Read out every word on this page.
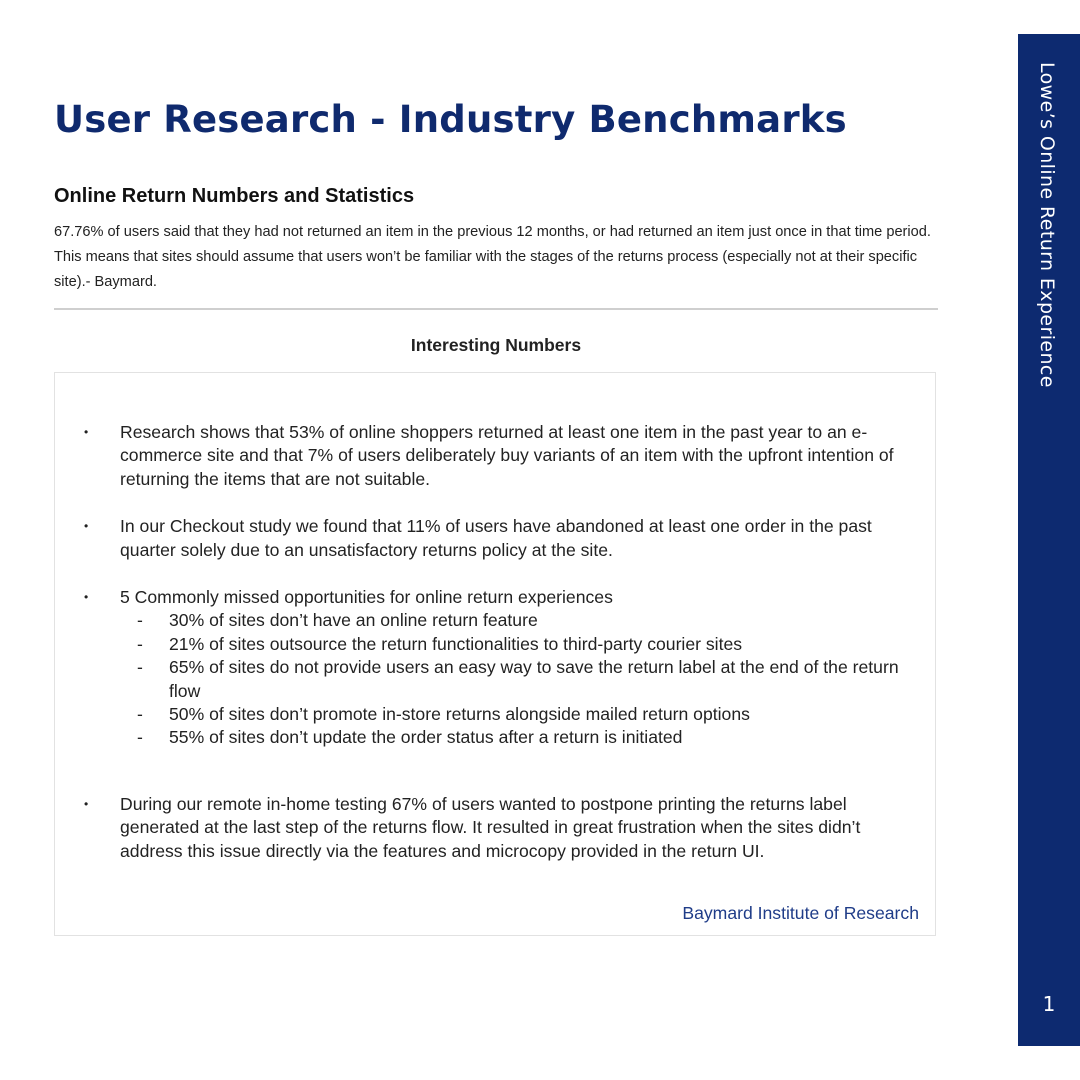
User Research - Industry Benchmarks
Online Return Numbers and Statistics

67.76% of users said that they had not returned an item in the previous 12 months, or had returned an item just once in that time period. This means that sites should assume that users won’t be familiar with the stages of the returns process (especially not at their specific site).- Baymard.

Interesting Numbers
• Research shows that 53% of online shoppers returned at least one item in the past year to an e-commerce site and that 7% of users deliberately buy variants of an item with the upfront intention of returning the items that are not suitable.
• In our Checkout study we found that 11% of users have abandoned at least one order in the past quarter solely due to an unsatisfactory returns policy at the site.
• 5 Commonly missed opportunities for online return experiences
- 30% of sites don’t have an online return feature
- 21% of sites outsource the return functionalities to third-party courier sites
- 65% of sites do not provide users an easy way to save the return label at the end of the return flow
- 50% of sites don’t promote in-store returns alongside mailed return options
- 55% of sites don’t update the order status after a return is initiated
• During our remote in-home testing 67% of users wanted to postpone printing the returns label generated at the last step of the returns flow. It resulted in great frustration when the sites didn’t address this issue directly via the features and microcopy provided in the return UI.
Baymard Institute of Research
Lowe’s Online Return Experience
1
